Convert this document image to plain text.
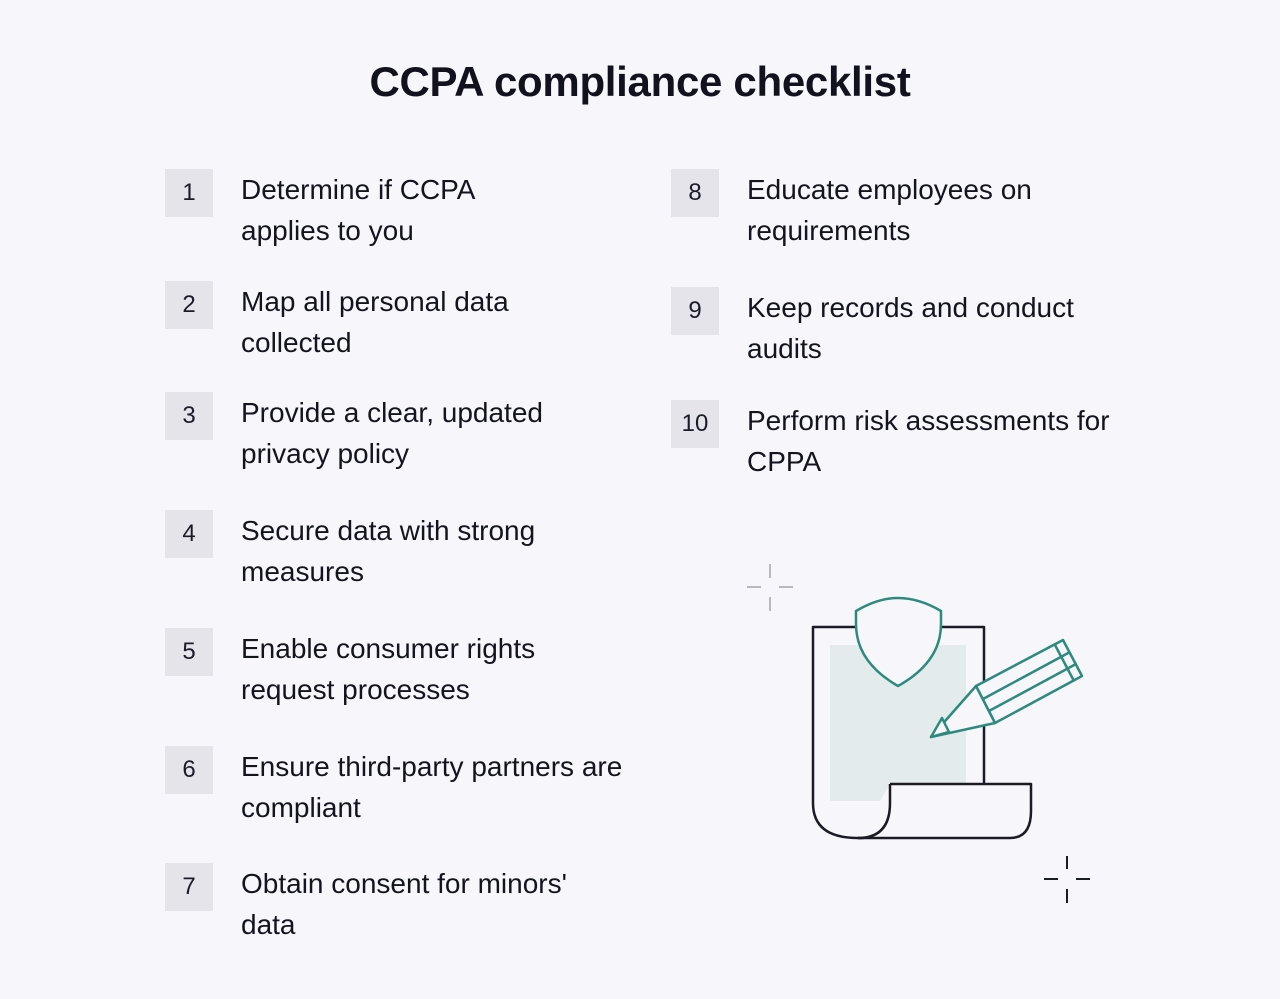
CCPA compliance checklist
1	Determine if CCPA applies to you
2	Map all personal data collected
3	Provide a clear, updated privacy policy
4	Secure data with strong measures
5	Enable consumer rights request processes
6	Ensure third-party partners are compliant
7	Obtain consent for minors' data
8	Educate employees on requirements
9	Keep records and conduct audits
10	Perform risk assessments for CPPA
